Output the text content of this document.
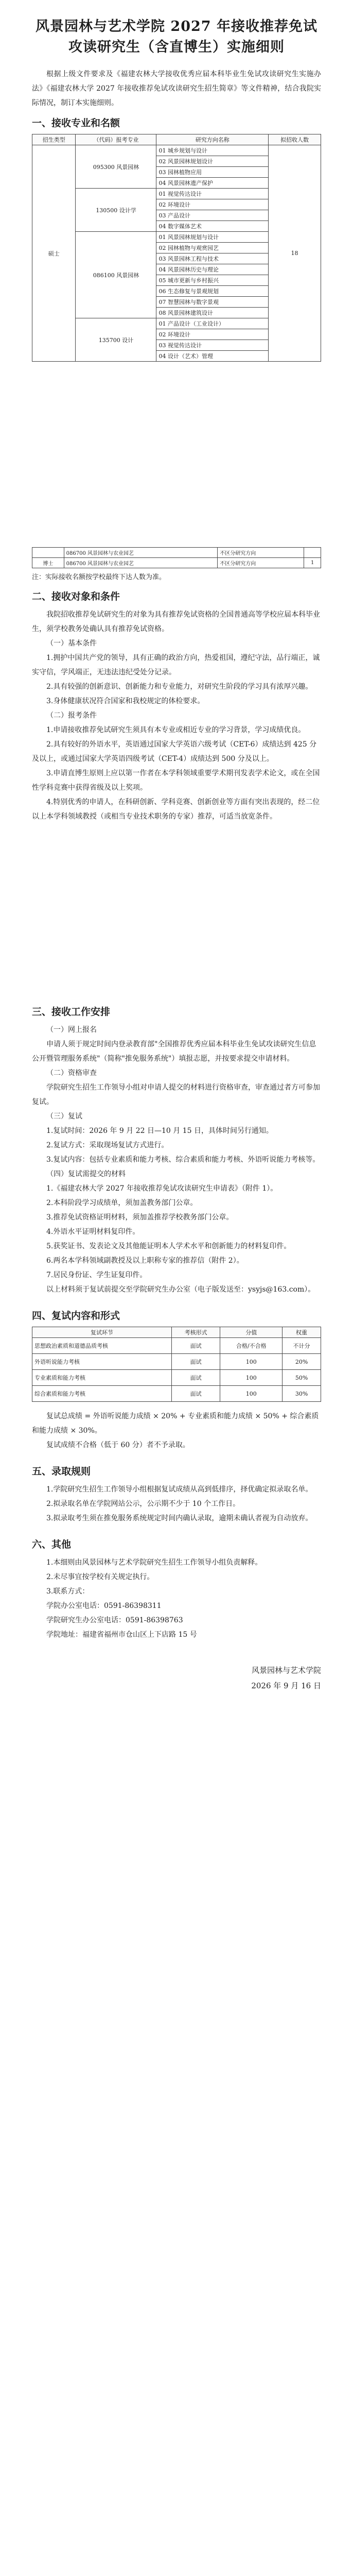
风景园林与艺术学院 2027 年接收推荐免试
攻读研究生（含直博生）实施细则

根据上级文件要求及《福建农林大学接收优秀应届本科毕业生免试攻读研究生实施办法》《福建农林大学 2027 年接收推荐免试攻读研究生招生简章》等文件精神，结合我院实际情况，制订本实施细则。

一、接收专业和名额
招生类型	（代码）报考专业	研究方向名称	拟招收人数
硕士	095300 风景园林	01 城乡规划与设计	18
		02 风景园林规划设计	
		03 园林植物应用	
		04 风景园林遗产保护	
	130500 设计学	01 视觉传达设计	
		02 环境设计	
		03 产品设计	
		04 数字媒体艺术	
	086100 风景园林	01 风景园林规划与设计	
		02 园林植物与观赏园艺	
		03 风景园林工程与技术	
		04 风景园林历史与理论	
		05 城市更新与乡村振兴	
		06 生态修复与景观规划	
		07 智慧园林与数字景观	
		08 风景园林建筑设计	
	135700 设计	01 产品设计（工业设计）	
		02 环境设计	
		03 视觉传达设计	
		04 设计（艺术）管理	
	086700 风景园林与农业园艺	不区分研究方向	
博士	086700 风景园林与农业园艺	不区分研究方向	1

注：实际接收名额按学校最终下达人数为准。

二、接收对象和条件

我院招收推荐免试研究生的对象为具有推荐免试资格的全国普通高等学校应届本科毕业生，须学校教务处确认具有推荐免试资格。

（一）基本条件

1.拥护中国共产党的领导，具有正确的政治方向，热爱祖国，遵纪守法，品行端正，诚实守信，学风端正，无违法违纪受处分记录。

2.具有较强的创新意识、创新能力和专业能力，对研究生阶段的学习具有浓厚兴趣。

3.身体健康状况符合国家和我校规定的体检要求。

（二）报考条件

1.申请接收推荐免试研究生须具有本专业或相近专业的学习背景，学习成绩优良。

2.具有较好的外语水平，英语通过国家大学英语六级考试（CET-6）成绩达到 425 分及以上，或通过国家大学英语四级考试（CET-4）成绩达到 500 分及以上。

3.申请直博生原则上应以第一作者在本学科领域重要学术期刊发表学术论文，或在全国性学科竞赛中获得省级及以上奖项。

4.特别优秀的申请人，在科研创新、学科竞赛、创新创业等方面有突出表现的，经二位以上本学科领域教授（或相当专业技术职务的专家）推荐，可适当放宽条件。

三、接收工作安排

（一）网上报名

申请人须于规定时间内登录教育部"全国推荐优秀应届本科毕业生免试攻读研究生信息公开暨管理服务系统"（简称"推免服务系统"）填报志愿，并按要求提交申请材料。

（二）资格审查

学院研究生招生工作领导小组对申请人提交的材料进行资格审查，审查通过者方可参加复试。

（三）复试

1.复试时间：2026 年 9 月 22 日—10 月 15 日，具体时间另行通知。

2.复试方式：采取现场复试方式进行。

3.复试内容：包括专业素质和能力考核、综合素质和能力考核、外语听说能力考核等。

（四）复试需提交的材料

1.《福建农林大学 2027 年接收推荐免试攻读研究生申请表》（附件 1）。

2.本科阶段学习成绩单，须加盖教务部门公章。

3.推荐免试资格证明材料，须加盖推荐学校教务部门公章。

4.外语水平证明材料复印件。

5.获奖证书、发表论文及其他能证明本人学术水平和创新能力的材料复印件。

6.两名本学科领域副教授及以上职称专家的推荐信（附件 2）。

7.居民身份证、学生证复印件。

以上材料须于复试前提交至学院研究生办公室（电子版发送至：ysyjs@163.com）。

四、复试内容和形式
复试环节	考核形式	分值	权重
思想政治素质和道德品质考核	面试	合格/不合格	不计分
外语听说能力考核	面试	100	20%
专业素质和能力考核	面试	100	50%
综合素质和能力考核	面试	100	30%

复试总成绩 = 外语听说能力成绩 × 20% + 专业素质和能力成绩 × 50% + 综合素质和能力成绩 × 30%。

复试成绩不合格（低于 60 分）者不予录取。

五、录取规则

1.学院研究生招生工作领导小组根据复试成绩从高到低排序，择优确定拟录取名单。

2.拟录取名单在学院网站公示，公示期不少于 10 个工作日。

3.拟录取考生须在推免服务系统规定时间内确认录取，逾期未确认者视为自动放弃。

六、其他

1.本细则由风景园林与艺术学院研究生招生工作领导小组负责解释。

2.未尽事宜按学校有关规定执行。

3.联系方式：

学院办公室电话：0591-86398311

学院研究生办公室电话：0591-86398763

学院地址：福建省福州市仓山区上下店路 15 号

风景园林与艺术学院
2026 年 9 月 16 日
